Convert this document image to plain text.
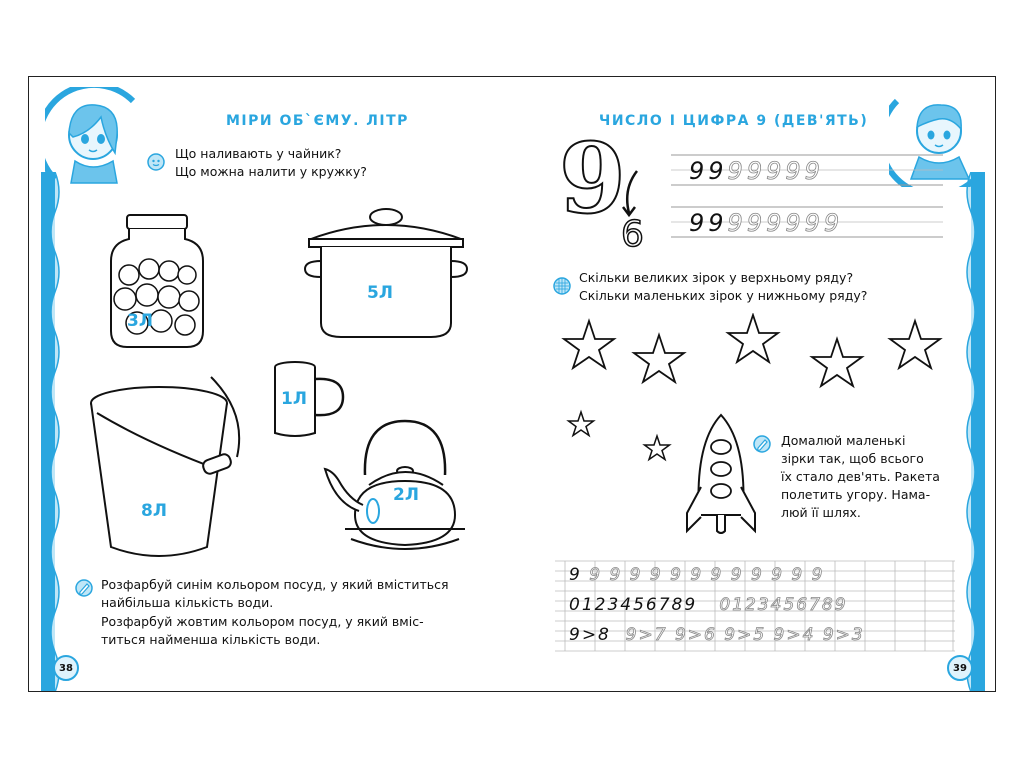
МІРИ ОБ`ЄМУ. ЛІТР
Що наливають у чайник?
Що можна налити у кружку?
3Л
5Л
1Л
8Л
2Л
Розфарбуй синім кольором посуд, у який вміститься
найбільша кількість води.
Розфарбуй жовтим кольором посуд, у який вміс-
титься найменша кількість води.
38
ЧИСЛО І ЦИФРА 9 (ДЕВ'ЯТЬ)
9
6
9999999
99999999
Скільки великих зірок у верхньому ряду?
Скільки маленьких зірок у нижньому ряду?
Домалюй маленькі
зірки так, щоб всього
їх стало дев'ять. Ракета
полетить угору. Нама-
люй її шлях.
9 9 9 9 9 9 9 9 9 9 9 9 9
0123456789 0123456789
9>8 9>7 9>6 9>5 9>4 9>3
39
